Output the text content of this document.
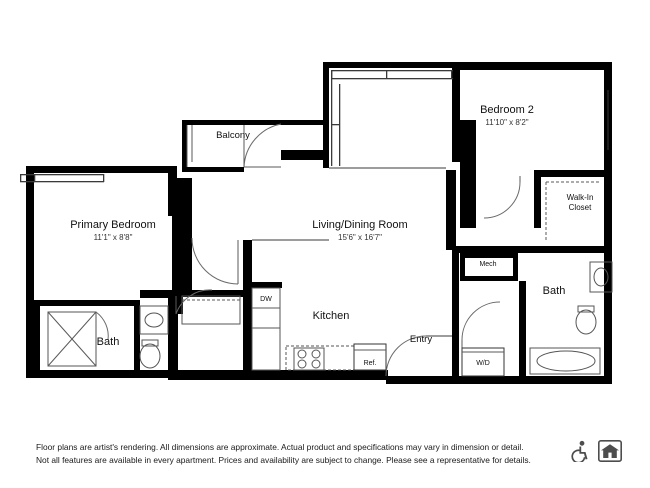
Bedroom 2
11'10" x 8'2"
Walk-In
Closet
Balcony
Primary Bedroom
11'1" x 8'8"
Living/Dining Room
15'6" x 16'7"
Kitchen
Bath
Bath
Entry
Mech
DW
Ref.	W/D
Floor plans are artist's rendering. All dimensions are approximate. Actual product and specifications may vary in dimension or detail.
Not all features are available in every apartment. Prices and availability are subject to change. Please see a representative for details.
